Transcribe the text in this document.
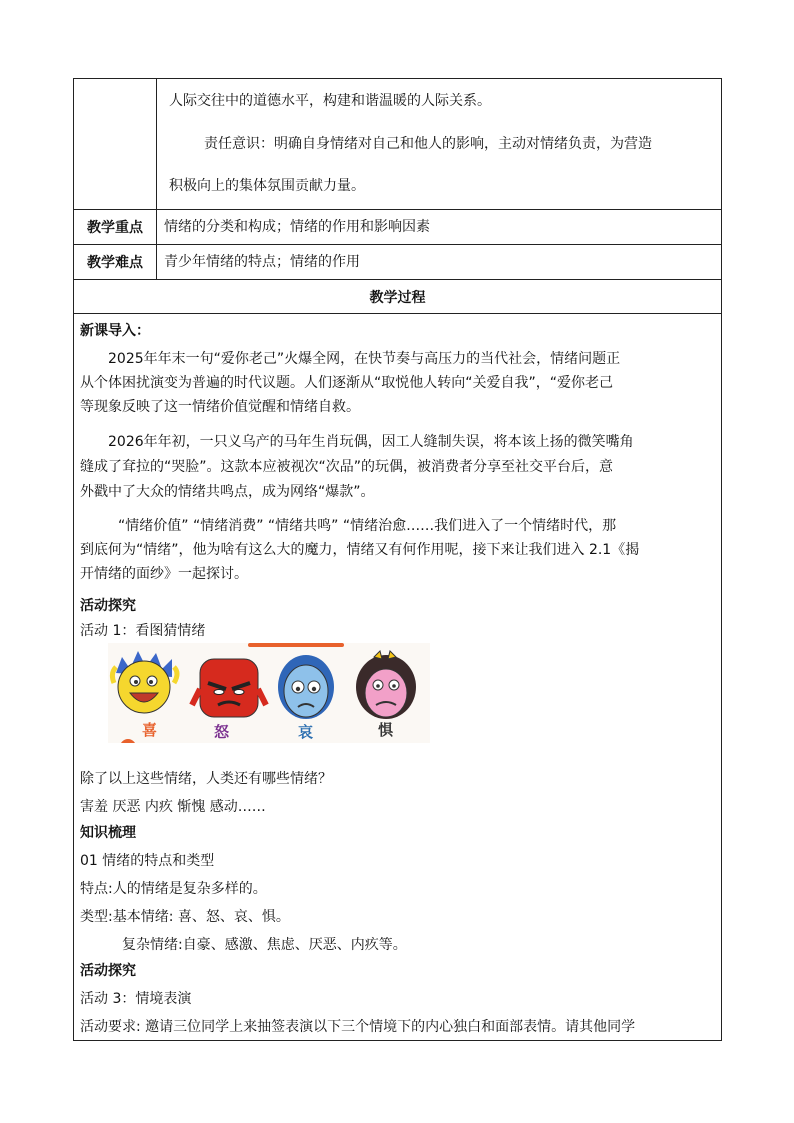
人际交往中的道德水平，构建和谐温暖的人际关系。
责任意识：明确自身情绪对自己和他人的影响，主动对情绪负责，为营造
积极向上的集体氛围贡献力量。
教学重点	情绪的分类和构成；情绪的作用和影响因素
教学难点	青少年情绪的特点；情绪的作用
教学过程
新课导入：
2025年年末一句“爱你老己”火爆全网，在快节奏与高压力的当代社会，情绪问题正
从个体困扰演变为普遍的时代议题。人们逐渐从“取悦他人转向“关爱自我”，“爱你老己
等现象反映了这一情绪价值觉醒和情绪自救。
2026年年初，一只义乌产的马年生肖玩偶，因工人缝制失误，将本该上扬的微笑嘴角
缝成了耷拉的“哭脸”。这款本应被视次“次品”的玩偶，被消费者分享至社交平台后，意
外戳中了大众的情绪共鸣点，成为网络“爆款”。
“情绪价值” “情绪消费” “情绪共鸣” “情绪治愈……我们进入了一个情绪时代，那
到底何为“情绪”，他为啥有这么大的魔力，情绪又有何作用呢，接下来让我们进入 2.1《揭
开情绪的面纱》一起探讨。
活动探究
活动 1：看图猜情绪
喜	怒	哀	惧
除了以上这些情绪，人类还有哪些情绪？
害羞 厌恶 内疚 惭愧 感动……
知识梳理
01 情绪的特点和类型
特点:人的情绪是复杂多样的。
类型:基本情绪: 喜、怒、哀、惧。
复杂情绪:自豪、感激、焦虑、厌恶、内疚等。
活动探究
活动 3：情境表演
活动要求: 邀请三位同学上来抽签表演以下三个情境下的内心独白和面部表情。请其他同学
